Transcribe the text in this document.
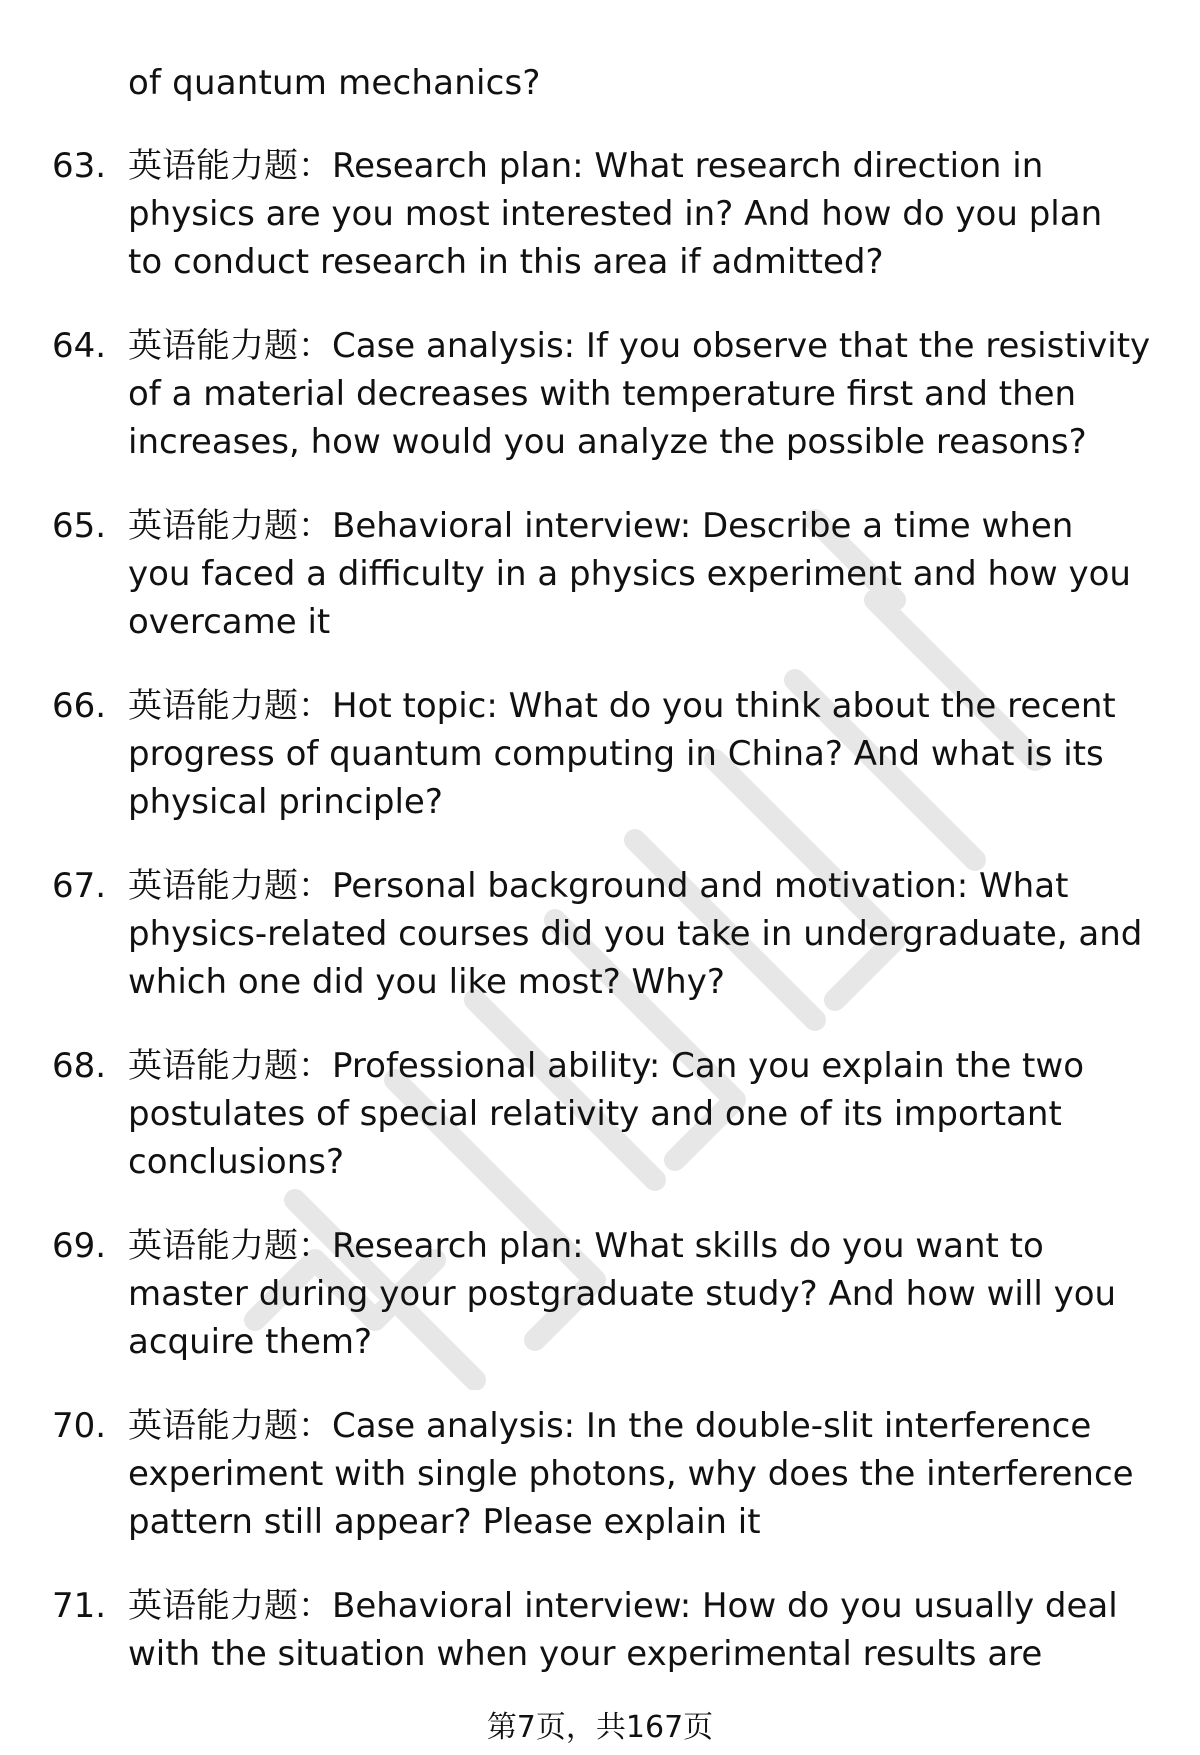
of quantum mechanics?
63. 英语能力题：Research plan: What research direction in
physics are you most interested in? And how do you plan
to conduct research in this area if admitted?
64. 英语能力题：Case analysis: If you observe that the resistivity
of a material decreases with temperature first and then
increases, how would you analyze the possible reasons?
65. 英语能力题：Behavioral interview: Describe a time when
you faced a difficulty in a physics experiment and how you
overcame it
66. 英语能力题：Hot topic: What do you think about the recent
progress of quantum computing in China? And what is its
physical principle?
67. 英语能力题：Personal background and motivation: What
physics-related courses did you take in undergraduate, and
which one did you like most? Why?
68. 英语能力题：Professional ability: Can you explain the two
postulates of special relativity and one of its important
conclusions?
69. 英语能力题：Research plan: What skills do you want to
master during your postgraduate study? And how will you
acquire them?
70. 英语能力题：Case analysis: In the double-slit interference
experiment with single photons, why does the interference
pattern still appear? Please explain it
71. 英语能力题：Behavioral interview: How do you usually deal
with the situation when your experimental results are
第7页，共167页
